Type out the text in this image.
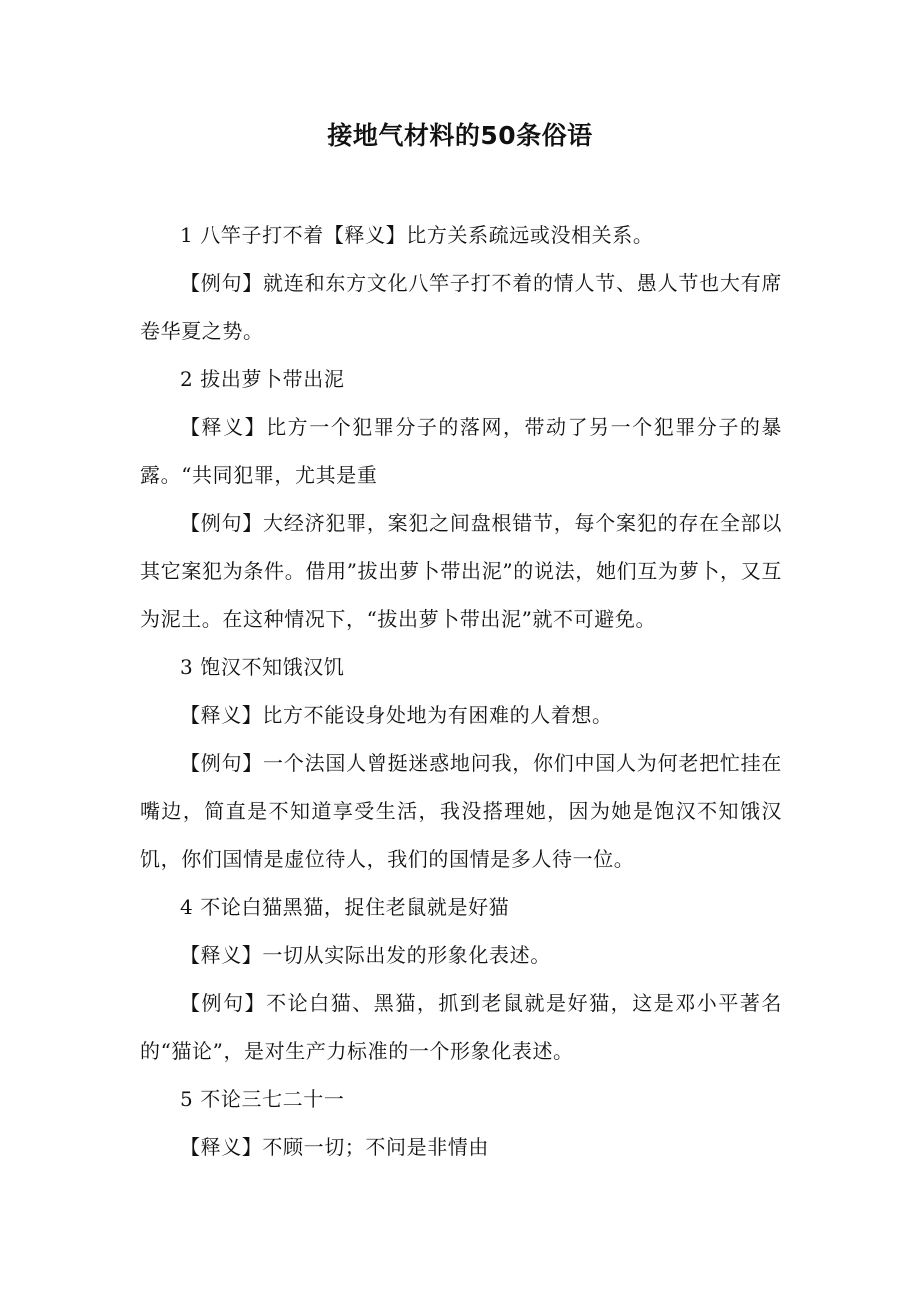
接地气材料的50条俗语

1 八竿子打不着【释义】比方关系疏远或没相关系。

【例句】就连和东方文化八竿子打不着的情人节、愚人节也大有席卷华夏之势。

2 拔出萝卜带出泥

【释义】比方一个犯罪分子的落网，带动了另一个犯罪分子的暴露。“共同犯罪，尤其是重

【例句】大经济犯罪，案犯之间盘根错节，每个案犯的存在全部以其它案犯为条件。借用”拔出萝卜带出泥”的说法，她们互为萝卜，又互为泥土。在这种情况下，“拔出萝卜带出泥”就不可避免。

3 饱汉不知饿汉饥

【释义】比方不能设身处地为有困难的人着想。

【例句】一个法国人曾挺迷惑地问我，你们中国人为何老把忙挂在嘴边，简直是不知道享受生活，我没搭理她，因为她是饱汉不知饿汉饥，你们国情是虚位待人，我们的国情是多人待一位。

4 不论白猫黑猫，捉住老鼠就是好猫

【释义】一切从实际出发的形象化表述。

【例句】不论白猫、黑猫，抓到老鼠就是好猫，这是邓小平著名的“猫论”，是对生产力标准的一个形象化表述。

5 不论三七二十一

【释义】不顾一切；不问是非情由
